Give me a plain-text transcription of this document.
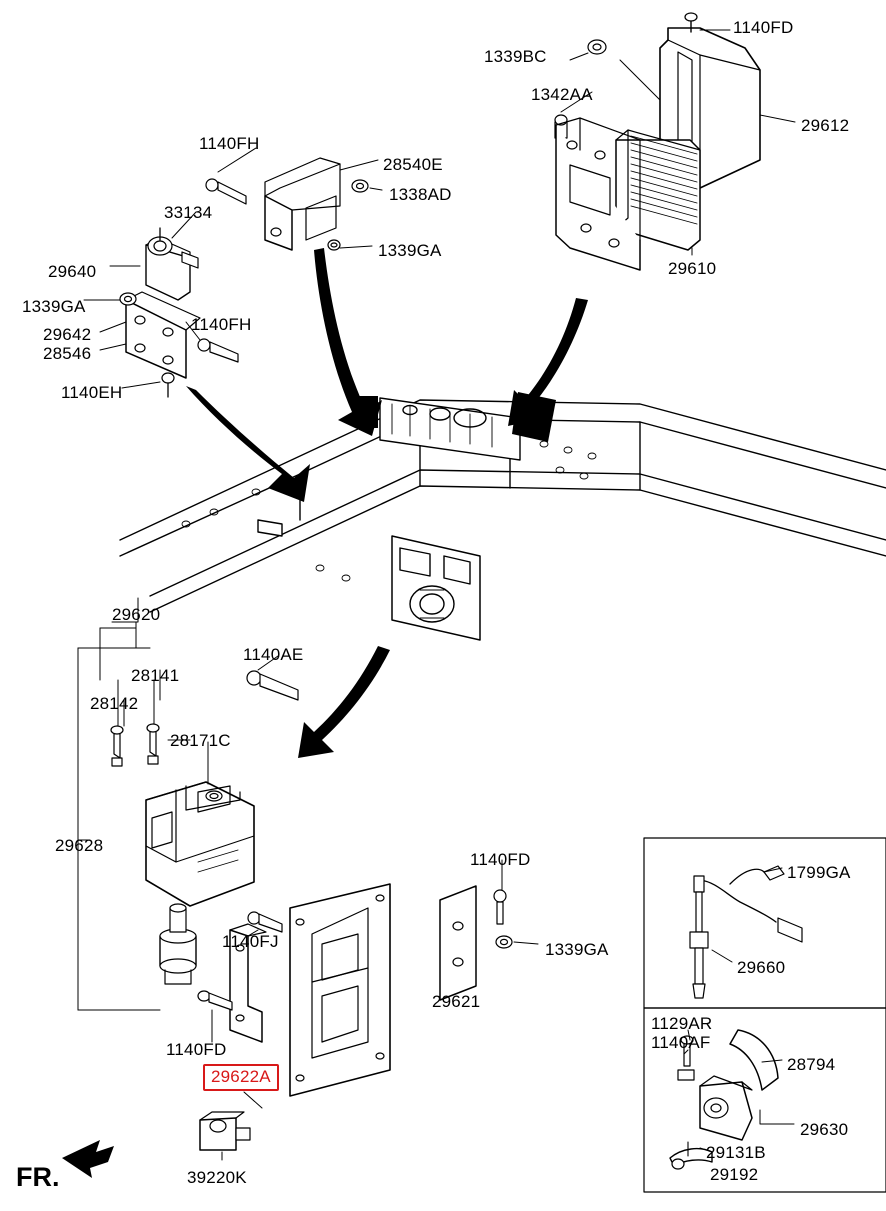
1140FD
1339BC
1342AA
29612
29610
1140FH
28540E
1338AD
33134
1339GA
29640
1339GA
1140FH
29642
28546
1140EH
29620
28141
1140AE
28142
28171C
29628
1140FD
1799GA
1140FJ	1339GA
29660
29621
1129AR
1140AF
1140FD
28794
29622A
29630
29131B
29192
39220K
FR.
